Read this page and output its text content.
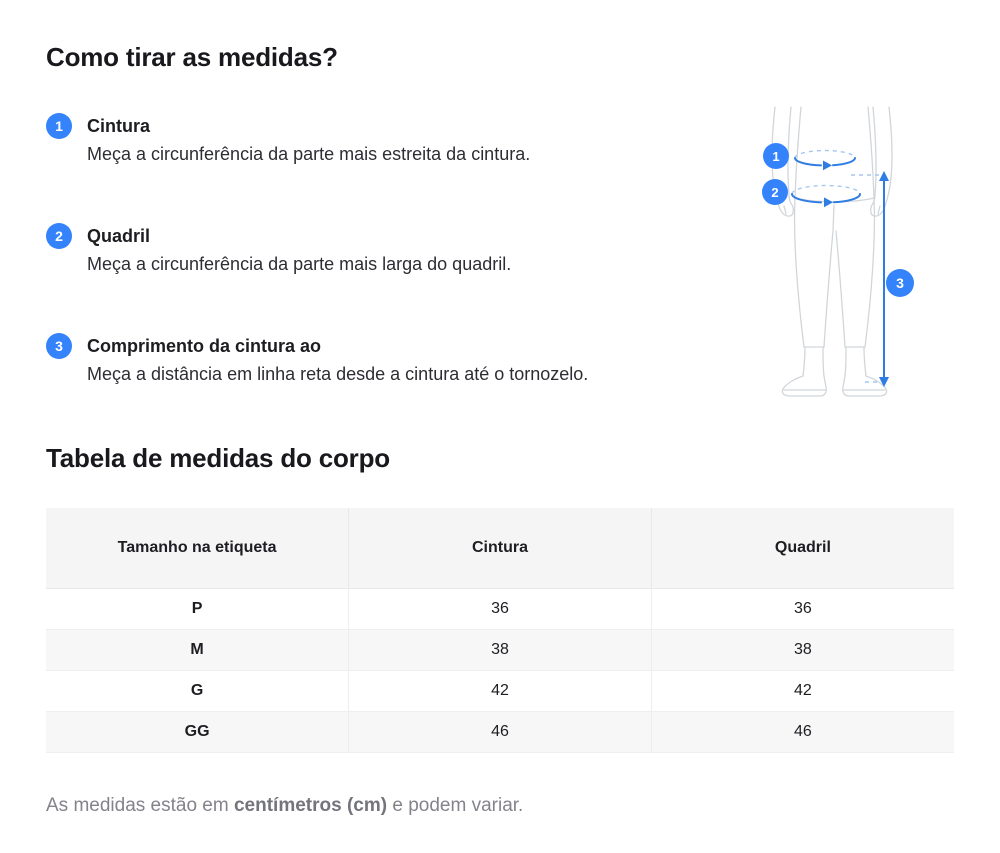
Como tirar as medidas?
1	Cintura
Meça a circunferência da parte mais estreita da cintura.
2	Quadril
Meça a circunferência da parte mais larga do quadril.
3	Comprimento da cintura ao
Meça a distância em linha reta desde a cintura até o tornozelo.
Tabela de medidas do corpo
Tamanho na etiqueta	Cintura	Quadril
P	36	36
M	38	38
G	42	42
GG	46	46

As medidas estão em centímetros (cm) e podem variar.

1
2
3
